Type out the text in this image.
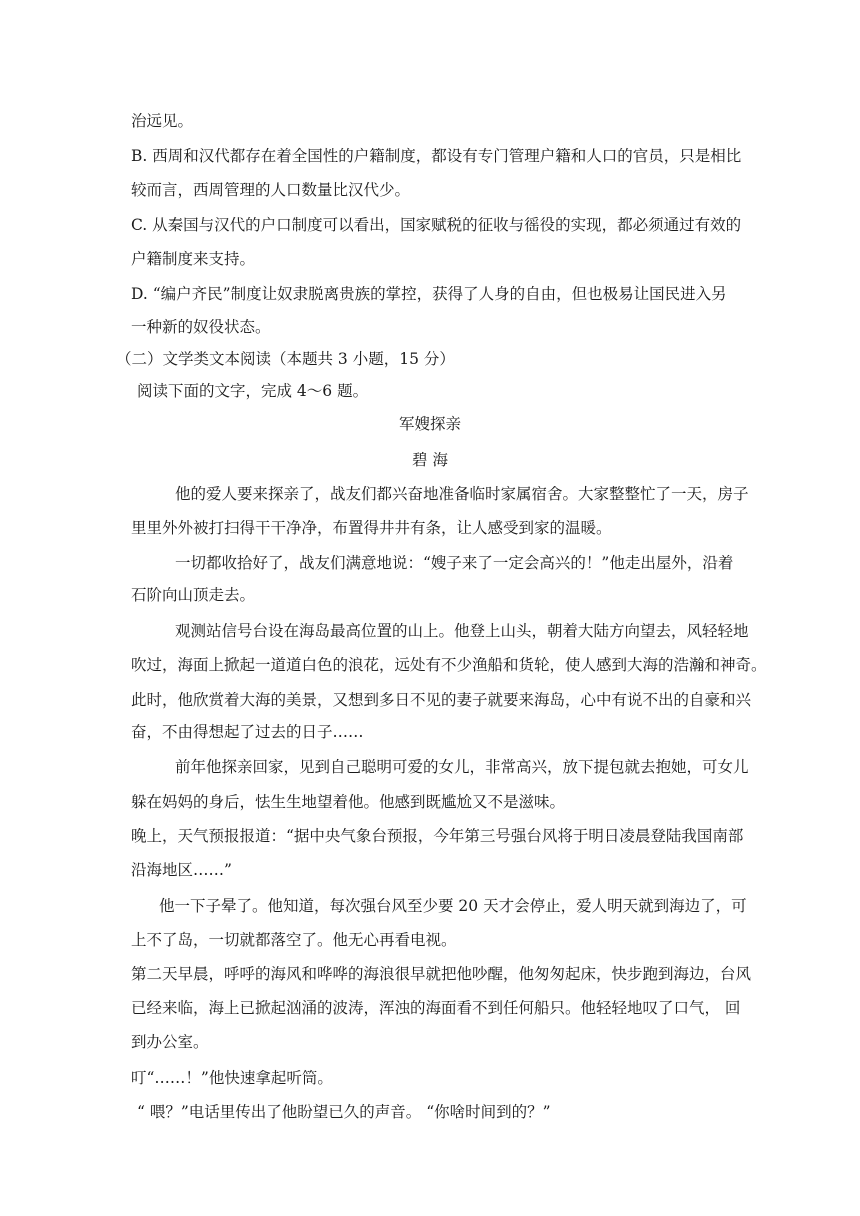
治远见。
B. 西周和汉代都存在着全国性的户籍制度，都设有专门管理户籍和人口的官员，只是相比
较而言，西周管理的人口数量比汉代少。
C. 从秦国与汉代的户口制度可以看出，国家赋税的征收与徭役的实现，都必须通过有效的
户籍制度来支持。
D. “编户齐民”制度让奴隶脱离贵族的掌控，获得了人身的自由，但也极易让国民进入另
一种新的奴役状态。
（二）文学类文本阅读（本题共 3 小题，15 分）
阅读下面的文字，完成 4～6 题。
军嫂探亲
碧 海
他的爱人要来探亲了，战友们都兴奋地准备临时家属宿舍。大家整整忙了一天，房子
里里外外被打扫得干干净净，布置得井井有条，让人感受到家的温暖。
一切都收拾好了，战友们满意地说：“嫂子来了一定会高兴的！”他走出屋外，沿着
石阶向山顶走去。
观测站信号台设在海岛最高位置的山上。他登上山头，朝着大陆方向望去，风轻轻地
吹过，海面上掀起一道道白色的浪花，远处有不少渔船和货轮，使人感到大海的浩瀚和神奇。
此时，他欣赏着大海的美景，又想到多日不见的妻子就要来海岛，心中有说不出的自豪和兴
奋，不由得想起了过去的日子……
前年他探亲回家，见到自己聪明可爱的女儿，非常高兴，放下提包就去抱她，可女儿
躲在妈妈的身后，怯生生地望着他。他感到既尴尬又不是滋味。
晚上，天气预报报道：“据中央气象台预报，今年第三号强台风将于明日凌晨登陆我国南部
沿海地区……”
他一下子晕了。他知道，每次强台风至少要 20 天才会停止，爱人明天就到海边了，可
上不了岛，一切就都落空了。他无心再看电视。
第二天早晨，呼呼的海风和哗哗的海浪很早就把他吵醒，他匆匆起床，快步跑到海边，台风
已经来临，海上已掀起汹涌的波涛，浑浊的海面看不到任何船只。他轻轻地叹了口气， 回
到办公室。
叮“……！”他快速拿起听筒。
“ 喂？”电话里传出了他盼望已久的声音。 “你啥时间到的？”
